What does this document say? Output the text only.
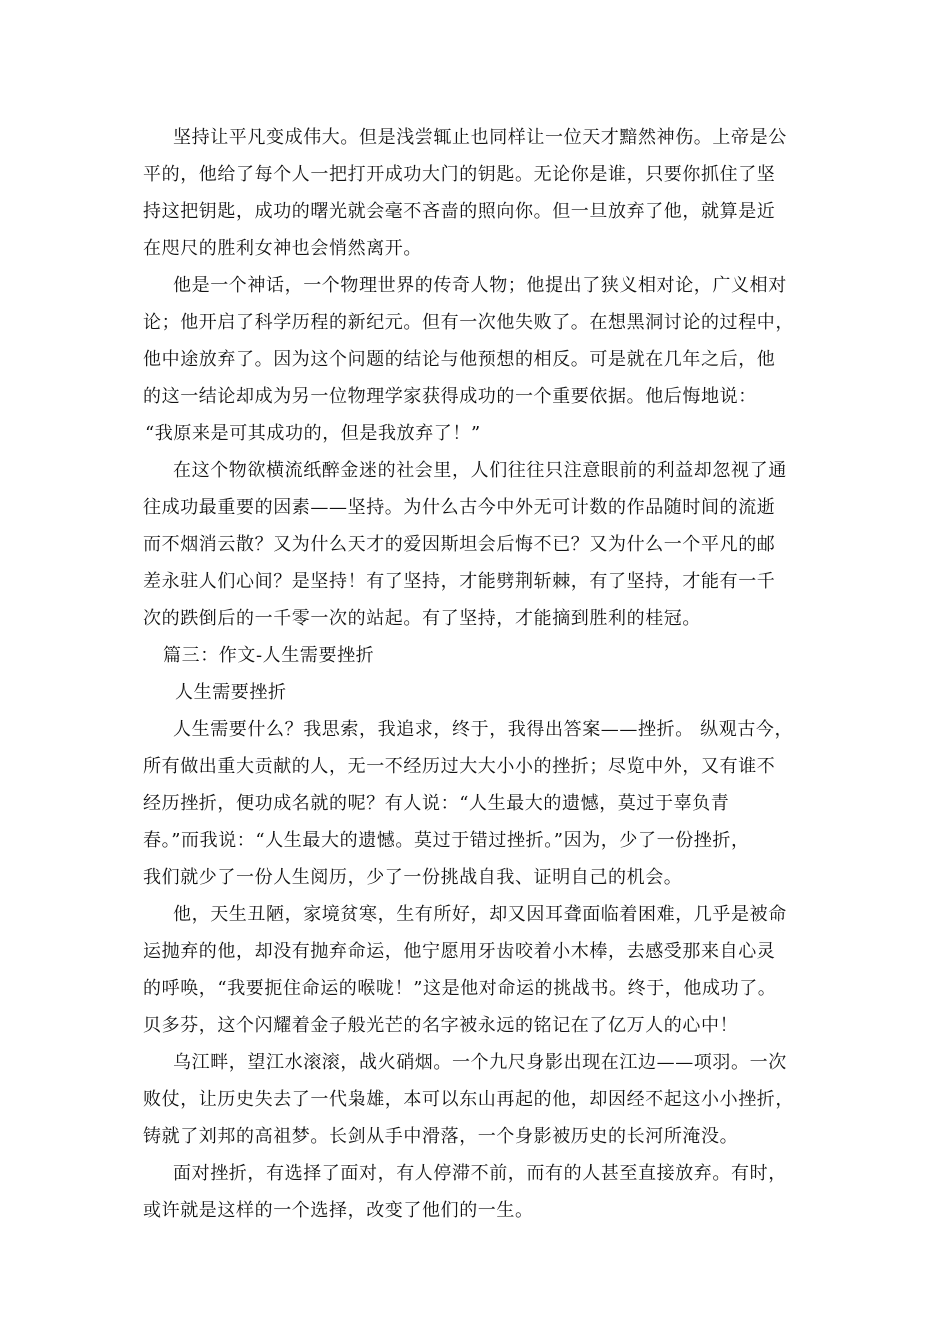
坚持让平凡变成伟大。但是浅尝辄止也同样让一位天才黯然神伤。上帝是公
平的，他给了每个人一把打开成功大门的钥匙。无论你是谁，只要你抓住了坚
持这把钥匙，成功的曙光就会毫不吝啬的照向你。但一旦放弃了他，就算是近
在咫尺的胜利女神也会悄然离开。
他是一个神话，一个物理世界的传奇人物；他提出了狭义相对论，广义相对
论；他开启了科学历程的新纪元。但有一次他失败了。在想黑洞讨论的过程中，
他中途放弃了。因为这个问题的结论与他预想的相反。可是就在几年之后，他
的这一结论却成为另一位物理学家获得成功的一个重要依据。他后悔地说：
“我原来是可其成功的，但是我放弃了！”
在这个物欲横流纸醉金迷的社会里，人们往往只注意眼前的利益却忽视了通
往成功最重要的因素——坚持。为什么古今中外无可计数的作品随时间的流逝
而不烟消云散？又为什么天才的爱因斯坦会后悔不已？又为什么一个平凡的邮
差永驻人们心间？是坚持！有了坚持，才能劈荆斩棘，有了坚持，才能有一千
次的跌倒后的一千零一次的站起。有了坚持，才能摘到胜利的桂冠。
篇三：作文-人生需要挫折
人生需要挫折
人生需要什么？我思索，我追求，终于，我得出答案——挫折。 纵观古今，
所有做出重大贡献的人，无一不经历过大大小小的挫折；尽览中外，又有谁不
经历挫折，便功成名就的呢？有人说：“人生最大的遗憾，莫过于辜负青
春。”而我说：“人生最大的遗憾。莫过于错过挫折。”因为，少了一份挫折，
我们就少了一份人生阅历，少了一份挑战自我、证明自己的机会。
他，天生丑陋，家境贫寒，生有所好，却又因耳聋面临着困难，几乎是被命
运抛弃的他，却没有抛弃命运，他宁愿用牙齿咬着小木棒，去感受那来自心灵
的呼唤，“我要扼住命运的喉咙！”这是他对命运的挑战书。终于，他成功了。
贝多芬，这个闪耀着金子般光芒的名字被永远的铭记在了亿万人的心中！
乌江畔，望江水滚滚，战火硝烟。一个九尺身影出现在江边——项羽。一次
败仗，让历史失去了一代枭雄，本可以东山再起的他，却因经不起这小小挫折，
铸就了刘邦的高祖梦。长剑从手中滑落，一个身影被历史的长河所淹没。
面对挫折，有选择了面对，有人停滞不前，而有的人甚至直接放弃。有时，
或许就是这样的一个选择，改变了他们的一生。
